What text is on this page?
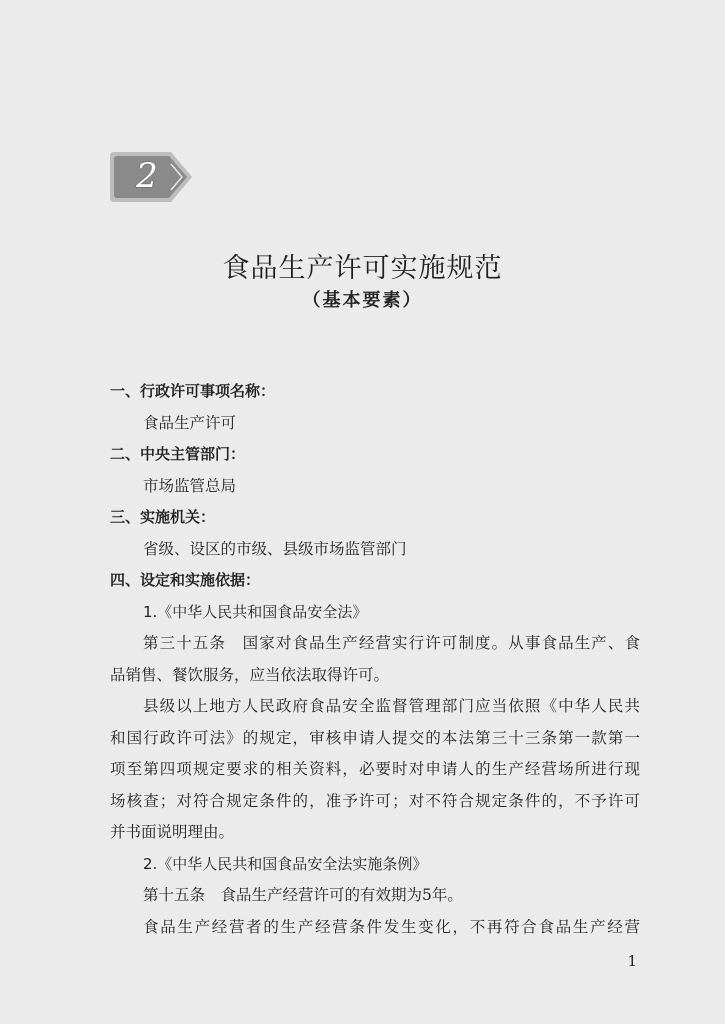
2
食品生产许可实施规范
（基本要素）
一、行政许可事项名称：
食品生产许可
二、中央主管部门：
市场监管总局
三、实施机关：
省级、设区的市级、县级市场监管部门
四、设定和实施依据：
1.《中华人民共和国食品安全法》
第三十五条　国家对食品生产经营实行许可制度。从事食品生产、食
品销售、餐饮服务，应当依法取得许可。
县级以上地方人民政府食品安全监督管理部门应当依照《中华人民共
和国行政许可法》的规定，审核申请人提交的本法第三十三条第一款第一
项至第四项规定要求的相关资料，必要时对申请人的生产经营场所进行现
场核查；对符合规定条件的，准予许可；对不符合规定条件的，不予许可
并书面说明理由。
2.《中华人民共和国食品安全法实施条例》
第十五条　食品生产经营许可的有效期为5年。
食品生产经营者的生产经营条件发生变化，不再符合食品生产经营
1
